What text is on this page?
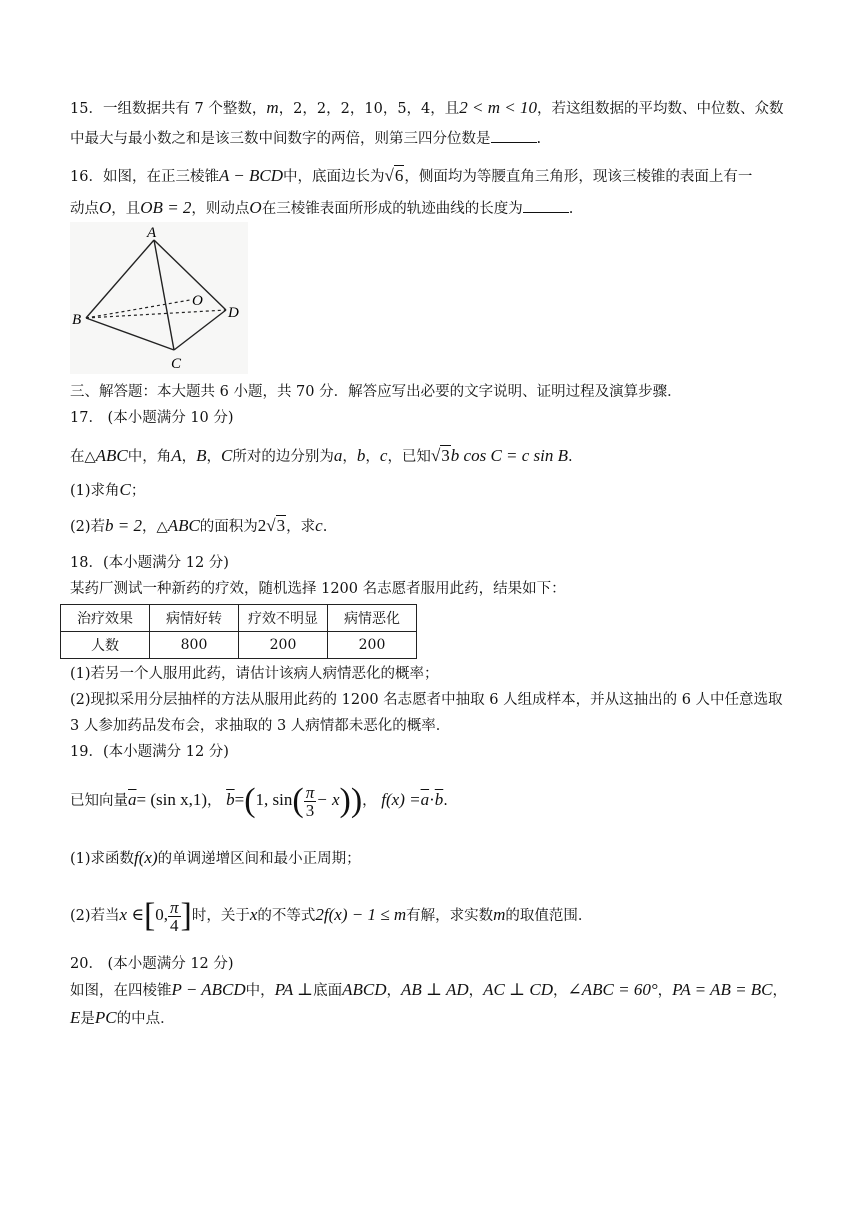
15．一组数据共有 7 个整数，m，2，2，2，10，5，4，且2 < m < 10，若这组数据的平均数、中位数、众数
中最大与最小数之和是该三数中间数字的两倍，则第三四分位数是	.
16．如图，在正三棱锥A − BCD中，底面边长为√6，侧面均为等腰直角三角形，现该三棱锥的表面上有一
动点O，且OB = 2，则动点O在三棱锥表面所形成的轨迹曲线的长度为	.
A
B
C
D
O
三、解答题：本大题共 6 小题，共 70 分．解答应写出必要的文字说明、证明过程及演算步骤．
17． (本小题满分 10 分)
在△ABC中，角A，B，C所对的边分别为a，b，c，已知√3b cos C = c sin B.
(1)求角C；
(2)若b = 2，△ABC的面积为2√3，求c.
18．(本小题满分 12 分)
某药厂测试一种新药的疗效，随机选择 1200 名志愿者服用此药，结果如下：
治疗效果	病情好转	疗效不明显	病情恶化
人数	800	200	200
(1)若另一个人服用此药，请估计该病人病情恶化的概率；
(2)现拟采用分层抽样的方法从服用此药的 1200 名志愿者中抽取 6 人组成样本，并从这抽出的 6 人中任意选取
3 人参加药品发布会，求抽取的 3 人病情都未恶化的概率．
19．(本小题满分 12 分)
已知向量$\overline{a}= (\sin$ x,1)， $\overline{b}=(1$, $\sin( \frac{\pi}{3} - x)$)， $f(x) =\overline{a}\cdot\overline{b}$.
(1)求函数f(x)的单调递增区间和最小正周期；
(2)若当x ∈[0, $\frac{\pi}{4}$ ]时，关于x的不等式2f(x) − 1 ≤ m有解，求实数m的取值范围．
20． (本小题满分 12 分)
如图，在四棱锥P − ABCD中，PA ⊥底面ABCD，AB ⊥ AD，AC ⊥ CD，∠ABC = 60°，PA = AB = BC，
E是PC的中点．
